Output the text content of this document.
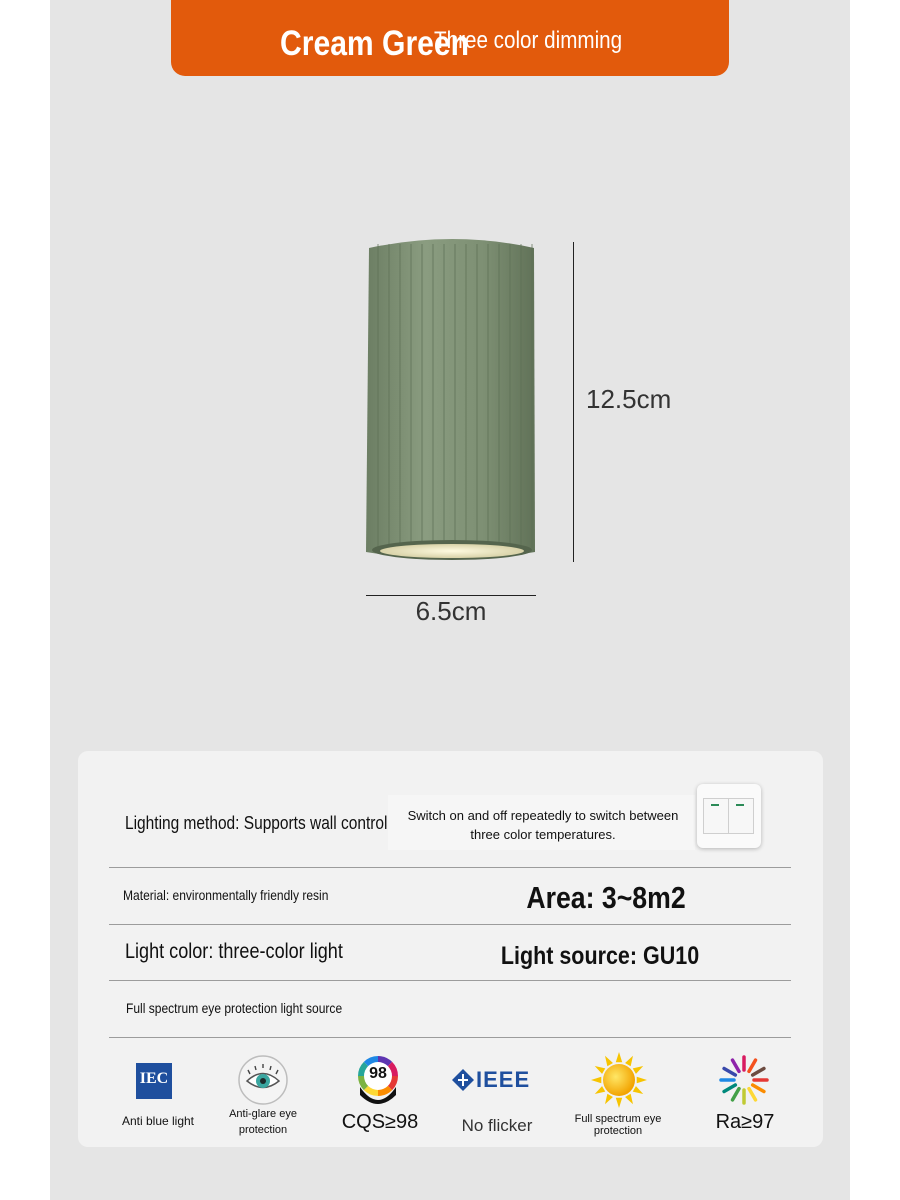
Cream Green
Three color dimming
12.5cm
6.5cm
Lighting method: Supports wall control	Switch on and off repeatedly to switch between three color temperatures.
Material: environmentally friendly resin	Area: 3~8m2
Light color: three-color light	Light source: GU10
Full spectrum eye protection light source
IEC
Anti blue light	Anti-glare eye protection
98
CQS≥98
IEEE
No flicker	Full spectrum eye protection	Ra≥97
